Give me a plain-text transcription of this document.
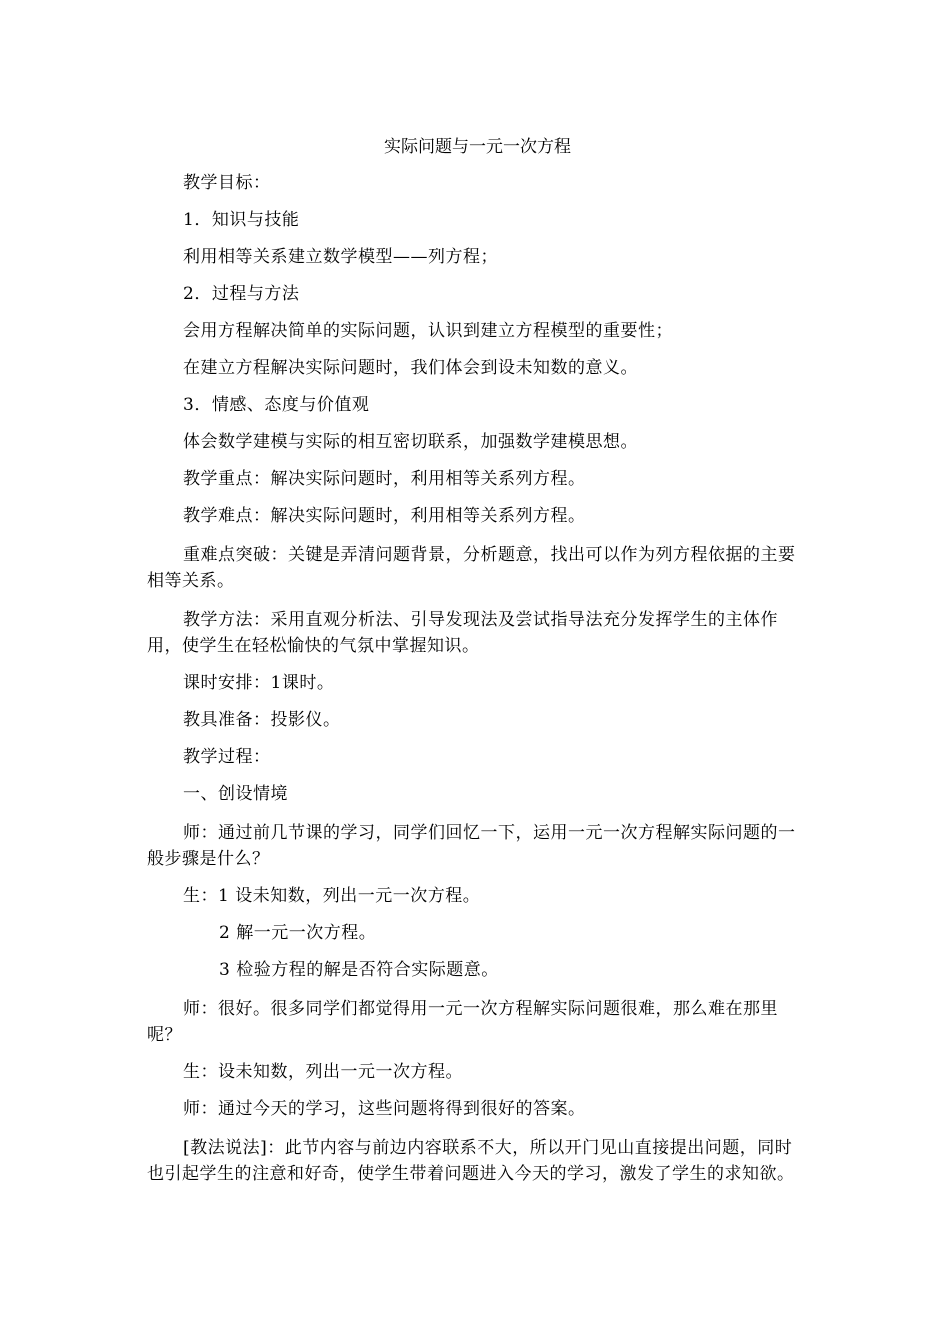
实际问题与一元一次方程

教学目标：

1．知识与技能

利用相等关系建立数学模型——列方程；

2．过程与方法

会用方程解决简单的实际问题，认识到建立方程模型的重要性；

在建立方程解决实际问题时，我们体会到设未知数的意义。

3．情感、态度与价值观

体会数学建模与实际的相互密切联系，加强数学建模思想。

教学重点：解决实际问题时，利用相等关系列方程。

教学难点：解决实际问题时，利用相等关系列方程。

重难点突破：关键是弄清问题背景，分析题意，找出可以作为列方程依据的主要相等关系。

教学方法：采用直观分析法、引导发现法及尝试指导法充分发挥学生的主体作用，使学生在轻松愉快的气氛中掌握知识。

课时安排：1课时。

教具准备：投影仪。

教学过程：

一、创设情境

师：通过前几节课的学习，同学们回忆一下，运用一元一次方程解实际问题的一般步骤是什么？

生：1 设未知数，列出一元一次方程。

2 解一元一次方程。

3 检验方程的解是否符合实际题意。

师：很好。很多同学们都觉得用一元一次方程解实际问题很难，那么难在那里呢？

生：设未知数，列出一元一次方程。

师：通过今天的学习，这些问题将得到很好的答案。

[教法说法]：此节内容与前边内容联系不大，所以开门见山直接提出问题，同时也引起学生的注意和好奇，使学生带着问题进入今天的学习，激发了学生的求知欲。
